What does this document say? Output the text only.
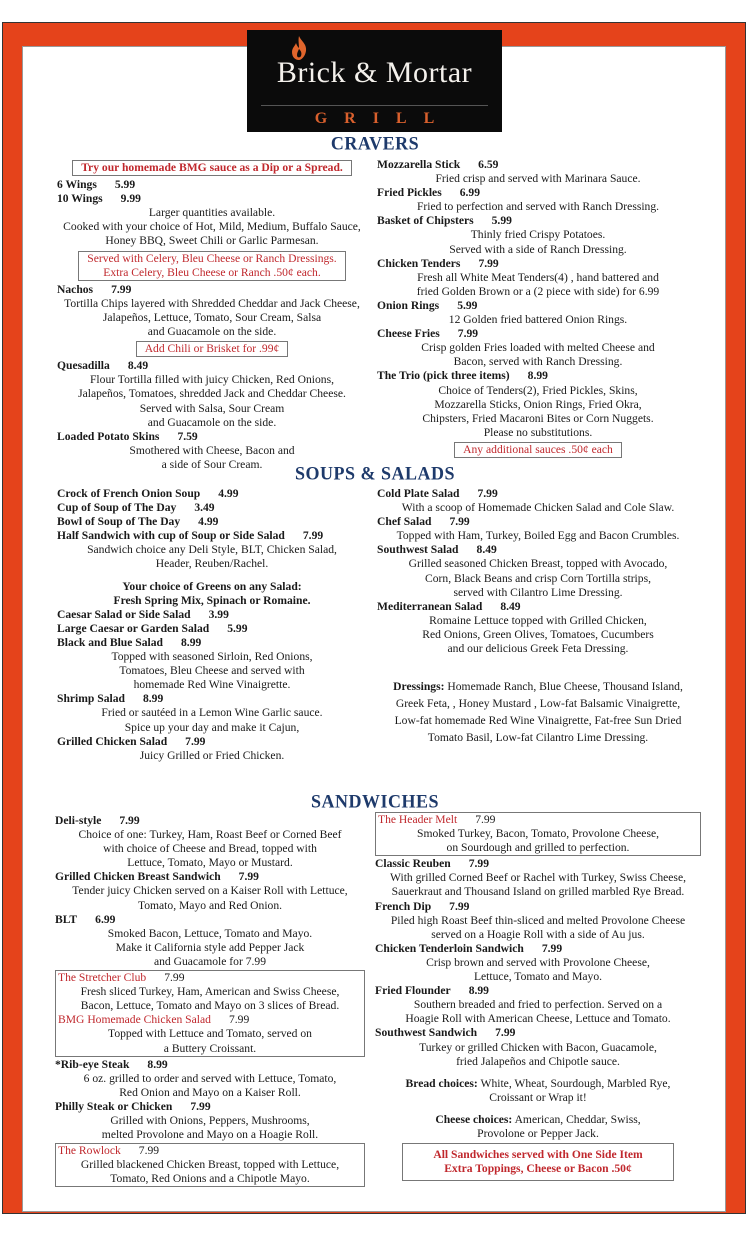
Brick & Mortar
GRILL
CRAVERS
Try our homemade BMG sauce as a Dip or a Spread.
6 Wings 5.99
10 Wings 9.99
Larger quantities available.
Cooked with your choice of Hot, Mild, Medium, Buffalo Sauce,
Honey BBQ, Sweet Chili or Garlic Parmesan.
Served with Celery, Bleu Cheese or Ranch Dressings.
Extra Celery, Bleu Cheese or Ranch .50¢ each.
Nachos 7.99
Tortilla Chips layered with Shredded Cheddar and Jack Cheese,
Jalapeños, Lettuce, Tomato, Sour Cream, Salsa
and Guacamole on the side.
Add Chili or Brisket for .99¢
Quesadilla 8.49
Flour Tortilla filled with juicy Chicken, Red Onions,
Jalapeños, Tomatoes, shredded Jack and Cheddar Cheese.
Served with Salsa, Sour Cream
and Guacamole on the side.
Loaded Potato Skins 7.59
Smothered with Cheese, Bacon and
a side of Sour Cream.
Mozzarella Stick 6.59
Fried crisp and served with Marinara Sauce.
Fried Pickles 6.99
Fried to perfection and served with Ranch Dressing.
Basket of Chipsters 5.99
Thinly fried Crispy Potatoes.
Served with a side of Ranch Dressing.
Chicken Tenders 7.99
Fresh all White Meat Tenders(4) , hand battered and
fried Golden Brown or a (2 piece with side) for 6.99
Onion Rings 5.99
12 Golden fried battered Onion Rings.
Cheese Fries 7.99
Crisp golden Fries loaded with melted Cheese and
Bacon, served with Ranch Dressing.
The Trio (pick three items) 8.99
Choice of Tenders(2), Fried Pickles, Skins,
Mozzarella Sticks, Onion Rings, Fried Okra,
Chipsters, Fried Macaroni Bites or Corn Nuggets.
Please no substitutions.
Any additional sauces .50¢ each
SOUPS & SALADS
Crock of French Onion Soup 4.99
Cup of Soup of The Day 3.49
Bowl of Soup of The Day 4.99
Half Sandwich with cup of Soup or Side Salad 7.99
Sandwich choice any Deli Style, BLT, Chicken Salad,
Header, Reuben/Rachel.
Your choice of Greens on any Salad:
Fresh Spring Mix, Spinach or Romaine.
Caesar Salad or Side Salad 3.99
Large Caesar or Garden Salad 5.99
Black and Blue Salad 8.99
Topped with seasoned Sirloin, Red Onions,
Tomatoes, Bleu Cheese and served with
homemade Red Wine Vinaigrette.
Shrimp Salad 8.99
Fried or sautéed in a Lemon Wine Garlic sauce.
Spice up your day and make it Cajun,
Grilled Chicken Salad 7.99
Juicy Grilled or Fried Chicken.
Cold Plate Salad 7.99
With a scoop of Homemade Chicken Salad and Cole Slaw.
Chef Salad 7.99
Topped with Ham, Turkey, Boiled Egg and Bacon Crumbles.
Southwest Salad 8.49
Grilled seasoned Chicken Breast, topped with Avocado,
Corn, Black Beans and crisp Corn Tortilla strips,
served with Cilantro Lime Dressing.
Mediterranean Salad 8.49
Romaine Lettuce topped with Grilled Chicken,
Red Onions, Green Olives, Tomatoes, Cucumbers
and our delicious Greek Feta Dressing.
Dressings: Homemade Ranch, Blue Cheese, Thousand Island,
Greek Feta, , Honey Mustard , Low-fat Balsamic Vinaigrette,
Low-fat homemade Red Wine Vinaigrette, Fat-free Sun Dried
Tomato Basil, Low-fat Cilantro Lime Dressing.
SANDWICHES
Deli-style 7.99
Choice of one: Turkey, Ham, Roast Beef or Corned Beef
with choice of Cheese and Bread, topped with
Lettuce, Tomato, Mayo or Mustard.
Grilled Chicken Breast Sandwich 7.99
Tender juicy Chicken served on a Kaiser Roll with Lettuce,
Tomato, Mayo and Red Onion.
BLT 6.99
Smoked Bacon, Lettuce, Tomato and Mayo.
Make it California style add Pepper Jack
and Guacamole for 7.99
The Stretcher Club 7.99
Fresh sliced Turkey, Ham, American and Swiss Cheese,
Bacon, Lettuce, Tomato and Mayo on 3 slices of Bread.
BMG Homemade Chicken Salad 7.99
Topped with Lettuce and Tomato, served on
a Buttery Croissant.
*Rib-eye Steak 8.99
6 oz. grilled to order and served with Lettuce, Tomato,
Red Onion and Mayo on a Kaiser Roll.
Philly Steak or Chicken 7.99
Grilled with Onions, Peppers, Mushrooms,
melted Provolone and Mayo on a Hoagie Roll.
The Rowlock 7.99
Grilled blackened Chicken Breast, topped with Lettuce,
Tomato, Red Onions and a Chipotle Mayo.
The Header Melt 7.99
Smoked Turkey, Bacon, Tomato, Provolone Cheese,
on Sourdough and grilled to perfection.
Classic Reuben 7.99
With grilled Corned Beef or Rachel with Turkey, Swiss Cheese,
Sauerkraut and Thousand Island on grilled marbled Rye Bread.
French Dip 7.99
Piled high Roast Beef thin-sliced and melted Provolone Cheese
served on a Hoagie Roll with a side of Au jus.
Chicken Tenderloin Sandwich 7.99
Crisp brown and served with Provolone Cheese,
Lettuce, Tomato and Mayo.
Fried Flounder 8.99
Southern breaded and fried to perfection. Served on a
Hoagie Roll with American Cheese, Lettuce and Tomato.
Southwest Sandwich 7.99
Turkey or grilled Chicken with Bacon, Guacamole,
fried Jalapeños and Chipotle sauce.
Bread choices: White, Wheat, Sourdough, Marbled Rye,
Croissant or Wrap it!
Cheese choices: American, Cheddar, Swiss,
Provolone or Pepper Jack.
All Sandwiches served with One Side Item
Extra Toppings, Cheese or Bacon .50¢
